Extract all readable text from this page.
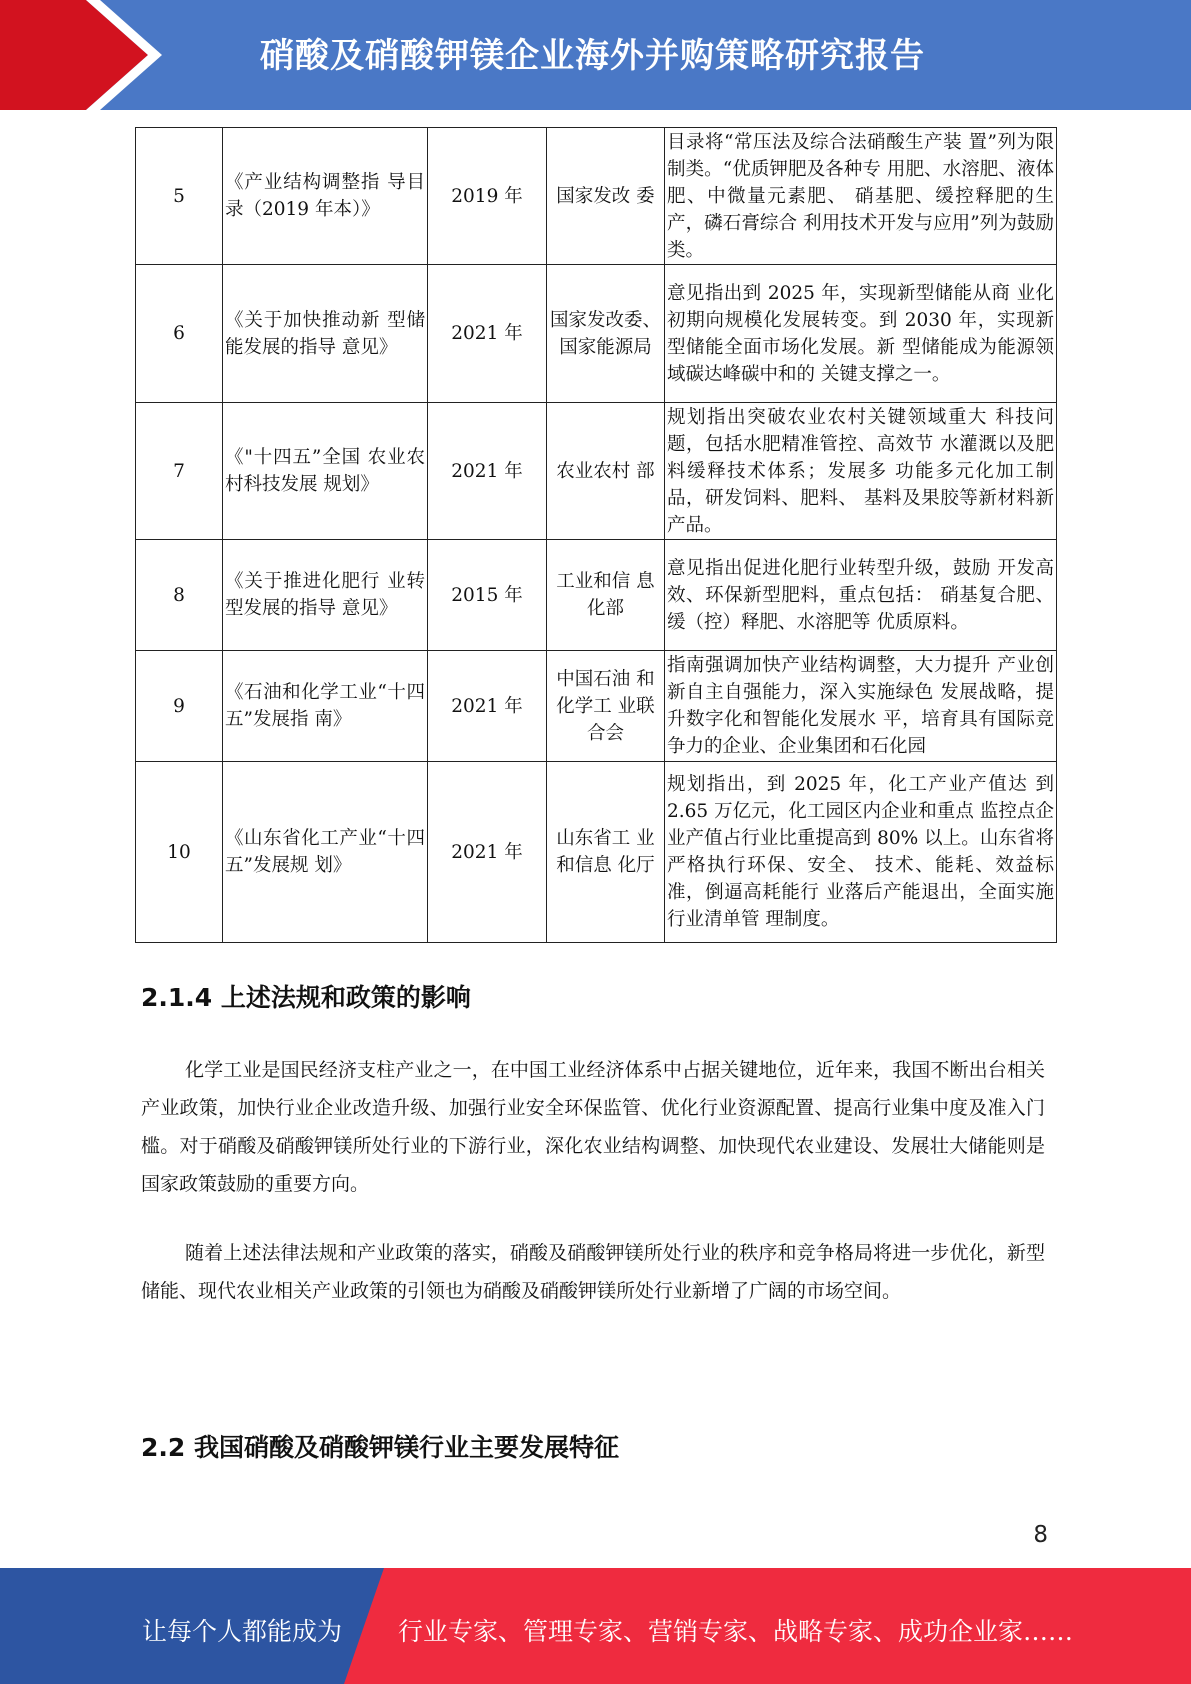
硝酸及硝酸钾镁企业海外并购策略研究报告
5	《产业结构调整指 导目录（2019 年本）》	2019 年	国家发改 委	目录将“常压法及综合法硝酸生产装 置”列为限制类。“优质钾肥及各种专 用肥、水溶肥、液体肥、中微量元素肥、 硝基肥、缓控释肥的生产，磷石膏综合 利用技术开发与应用”列为鼓励类。
6	《关于加快推动新 型储能发展的指导 意见》	2021 年	国家发改委、国家能源局	意见指出到 2025 年，实现新型储能从商 业化初期向规模化发展转变。到 2030 年，实现新型储能全面市场化发展。新 型储能成为能源领域碳达峰碳中和的 关键支撑之一。
7	《"十四五”全国 农业农村科技发展 规划》	2021 年	农业农村 部	规划指出突破农业农村关键领域重大 科技问题，包括水肥精准管控、高效节 水灌溉以及肥料缓释技术体系；发展多 功能多元化加工制品，研发饲料、肥料、 基料及果胶等新材料新产品。
8	《关于推进化肥行 业转型发展的指导 意见》	2015 年	工业和信 息化部	意见指出促进化肥行业转型升级，鼓励 开发高效、环保新型肥料，重点包括： 硝基复合肥、缓（控）释肥、水溶肥等 优质原料。
9	《石油和化学工业“十四五”发展指 南》	2021 年	中国石油 和化学工 业联合会	指南强调加快产业结构调整，大力提升 产业创新自主自强能力，深入实施绿色 发展战略，提升数字化和智能化发展水 平，培育具有国际竞争力的企业、企业集团和石化园
10	《山东省化工产业“十四五”发展规 划》	2021 年	山东省工 业和信息 化厅	规划指出，到 2025 年，化工产业产值达 到 2.65 万亿元，化工园区内企业和重点 监控点企业产值占行业比重提高到 80% 以上。山东省将严格执行环保、安全、 技术、能耗、效益标准，倒逼高耗能行 业落后产能退出，全面实施行业清单管 理制度。
2.1.4 上述法规和政策的影响

化学工业是国民经济支柱产业之一，在中国工业经济体系中占据关键地位，近年来，我国不断出台相关产业政策，加快行业企业改造升级、加强行业安全环保监管、优化行业资源配置、提高行业集中度及准入门槛。对于硝酸及硝酸钾镁所处行业的下游行业，深化农业结构调整、加快现代农业建设、发展壮大储能则是国家政策鼓励的重要方向。

随着上述法律法规和产业政策的落实，硝酸及硝酸钾镁所处行业的秩序和竞争格局将进一步优化，新型储能、现代农业相关产业政策的引领也为硝酸及硝酸钾镁所处行业新增了广阔的市场空间。

2.2 我国硝酸及硝酸钾镁行业主要发展特征
8
让每个人都能成为 行业专家、管理专家、营销专家、战略专家、成功企业家……
